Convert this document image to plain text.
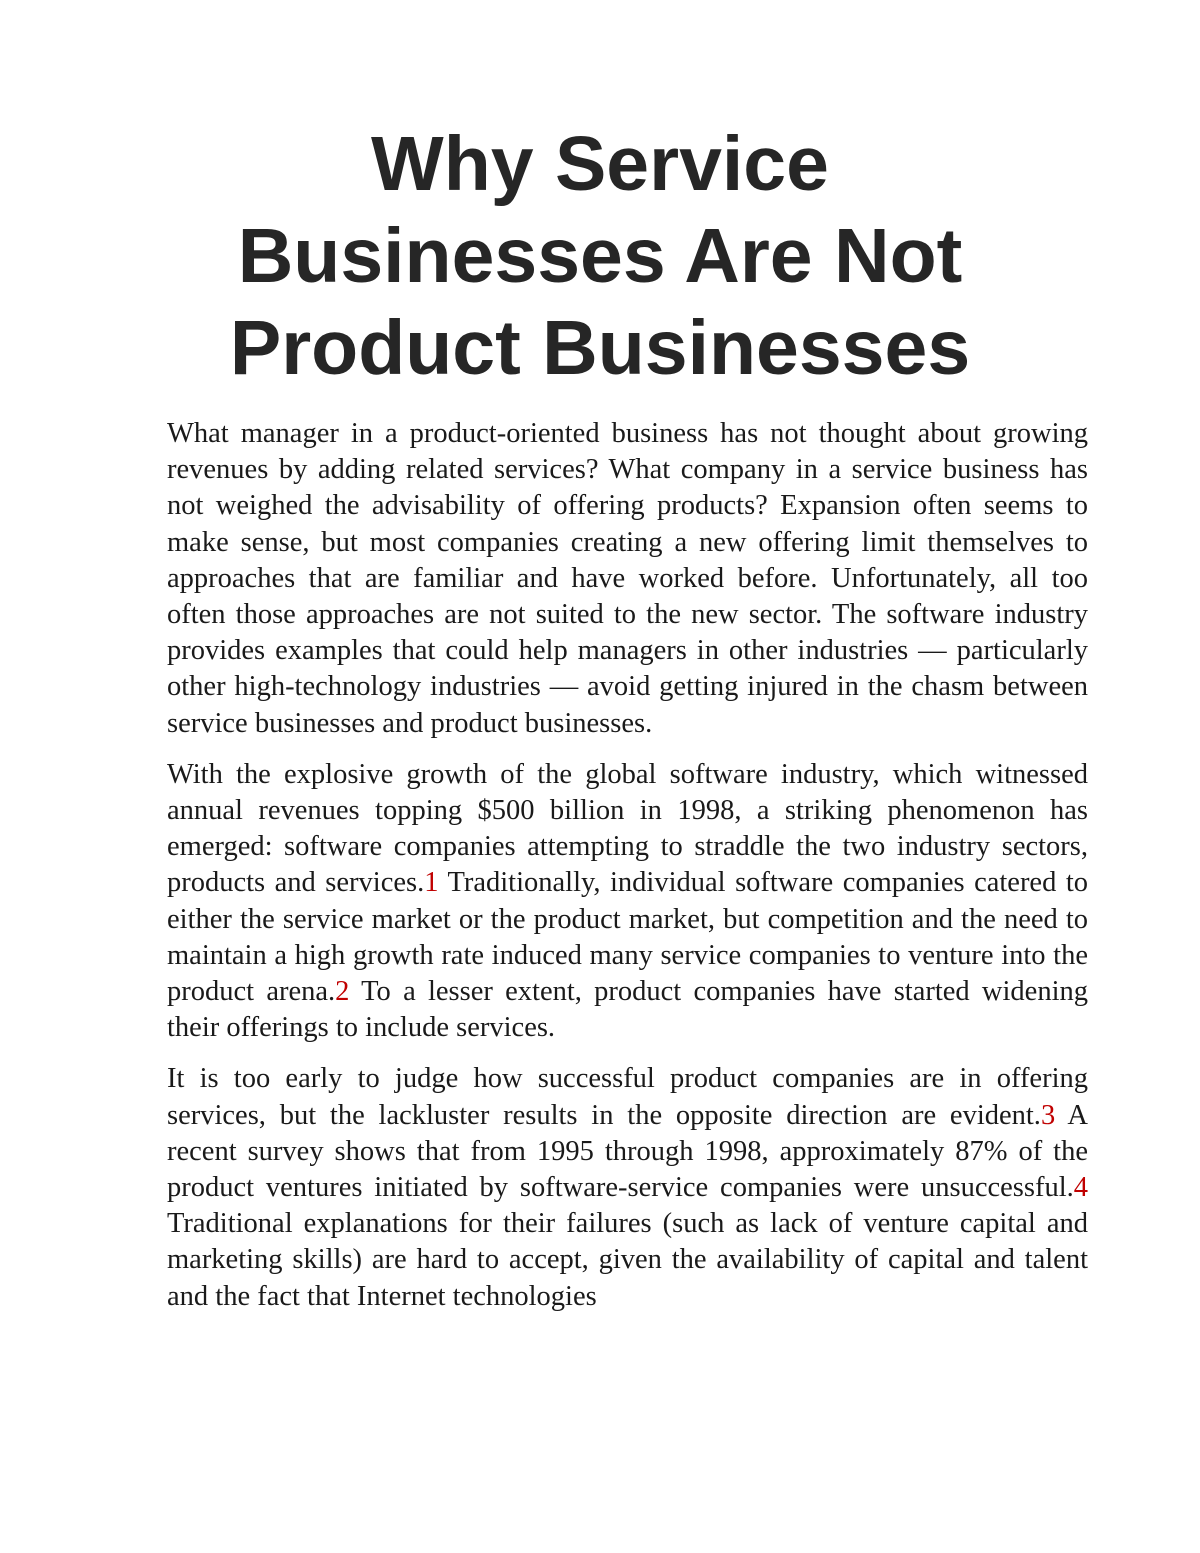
Why Service
Businesses Are Not
Product Businesses

What manager in a product-oriented business has not thought about growing revenues by adding related services? What company in a service business has not weighed the advisability of offering products? Expansion often seems to make sense, but most companies creating a new offering limit themselves to approaches that are familiar and have worked before. Unfortunately, all too often those approaches are not suited to the new sector. The software industry provides examples that could help managers in other industries — particularly other high-technology industries — avoid getting injured in the chasm between service businesses and product businesses.

With the explosive growth of the global software industry, which witnessed annual revenues topping $500 billion in 1998, a striking phenomenon has emerged: software companies attempting to straddle the two industry sectors, products and services.1 Traditionally, individual software companies catered to either the service market or the product market, but competition and the need to maintain a high growth rate induced many service companies to venture into the product arena.2 To a lesser extent, product companies have started widening their offerings to include services.

It is too early to judge how successful product companies are in offering services, but the lackluster results in the opposite direction are evident.3 A recent survey shows that from 1995 through 1998, approximately 87% of the product ventures initiated by software-service companies were unsuccessful.4 Traditional explanations for their failures (such as lack of venture capital and marketing skills) are hard to accept, given the availability of capital and talent and the fact that Internet technologies
